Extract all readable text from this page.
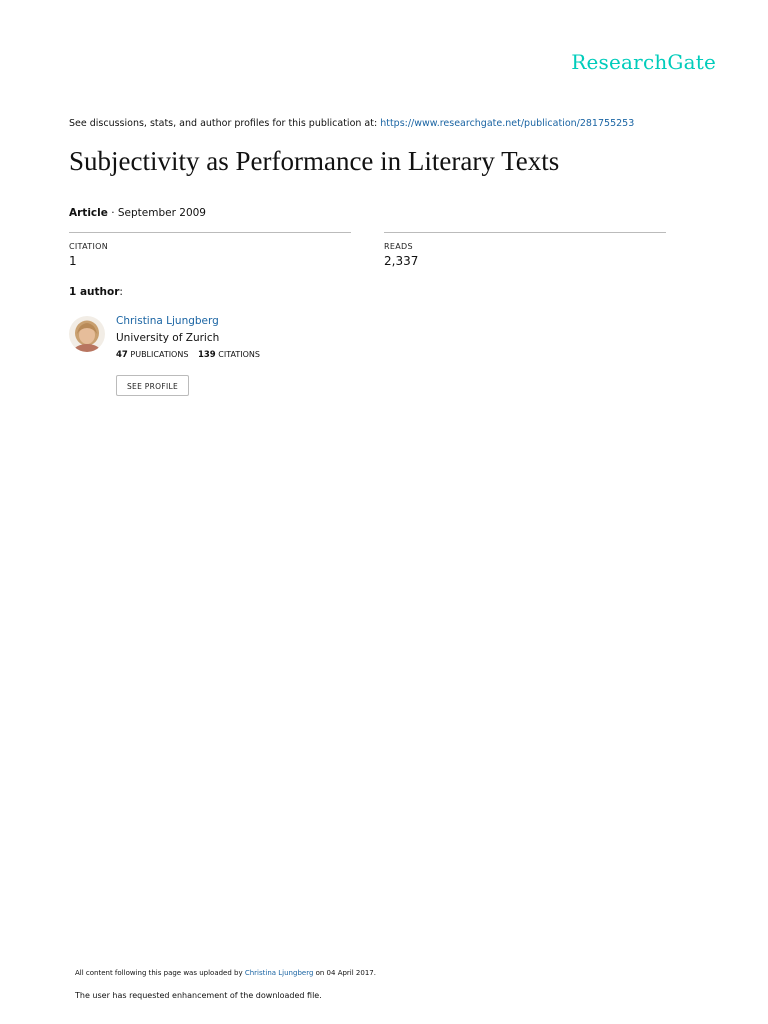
ResearchGate
See discussions, stats, and author profiles for this publication at: https://www.researchgate.net/publication/281755253
Subjectivity as Performance in Literary Texts
Article · September 2009
CITATION
1
READS
2,337
1 author:
Christina Ljungberg
University of Zurich
47 PUBLICATIONS 139 CITATIONS
SEE PROFILE
All content following this page was uploaded by Christina Ljungberg on 04 April 2017.
The user has requested enhancement of the downloaded file.
